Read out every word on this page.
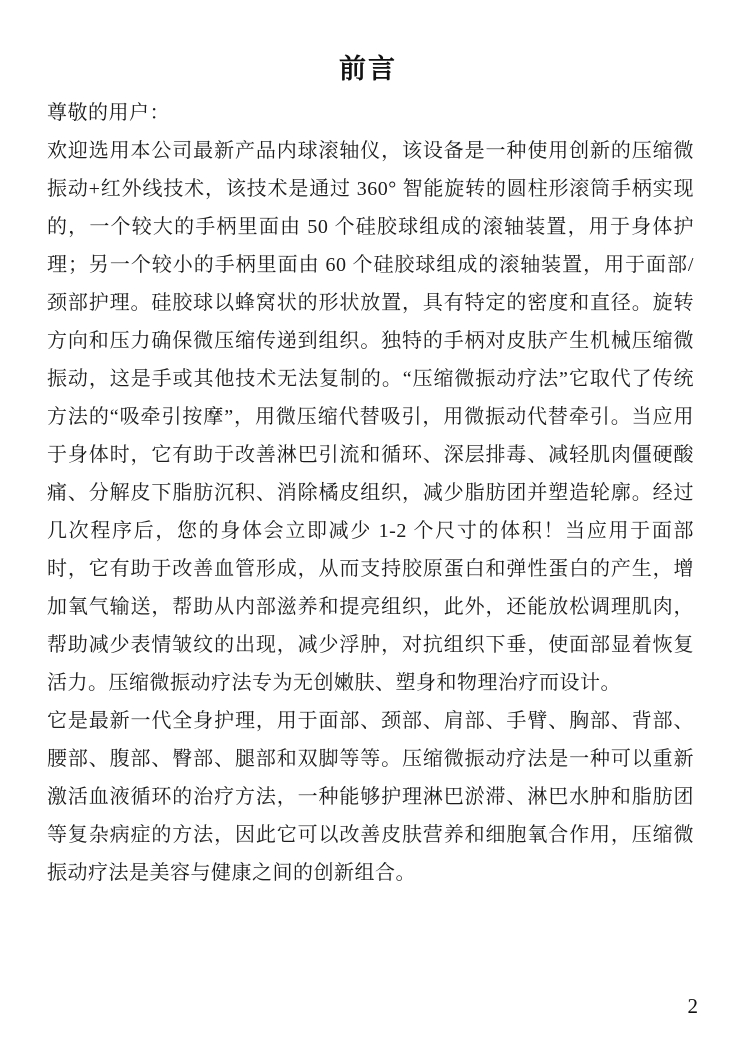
前言

尊敬的用户：

欢迎选用本公司最新产品内球滚轴仪，该设备是一种使用创新的压缩微振动+红外线技术，该技术是通过 360° 智能旋转的圆柱形滚筒手柄实现的，一个较大的手柄里面由 50 个硅胶球组成的滚轴装置，用于身体护理；另一个较小的手柄里面由 60 个硅胶球组成的滚轴装置，用于面部/颈部护理。硅胶球以蜂窝状的形状放置，具有特定的密度和直径。旋转方向和压力确保微压缩传递到组织。独特的手柄对皮肤产生机械压缩微振动，这是手或其他技术无法复制的。“压缩微振动疗法”它取代了传统方法的“吸牵引按摩”，用微压缩代替吸引，用微振动代替牵引。当应用于身体时，它有助于改善淋巴引流和循环、深层排毒、减轻肌肉僵硬酸痛、分解皮下脂肪沉积、消除橘皮组织，减少脂肪团并塑造轮廓。经过几次程序后，您的身体会立即减少 1-2 个尺寸的体积！当应用于面部时，它有助于改善血管形成，从而支持胶原蛋白和弹性蛋白的产生，增加氧气输送，帮助从内部滋养和提亮组织，此外，还能放松调理肌肉，帮助减少表情皱纹的出现，减少浮肿，对抗组织下垂，使面部显着恢复活力。压缩微振动疗法专为无创嫩肤、塑身和物理治疗而设计。

它是最新一代全身护理，用于面部、颈部、肩部、手臂、胸部、背部、腰部、腹部、臀部、腿部和双脚等等。压缩微振动疗法是一种可以重新激活血液循环的治疗方法，一种能够护理淋巴淤滞、淋巴水肿和脂肪团等复杂病症的方法，因此它可以改善皮肤营养和细胞氧合作用，压缩微振动疗法是美容与健康之间的创新组合。

2
